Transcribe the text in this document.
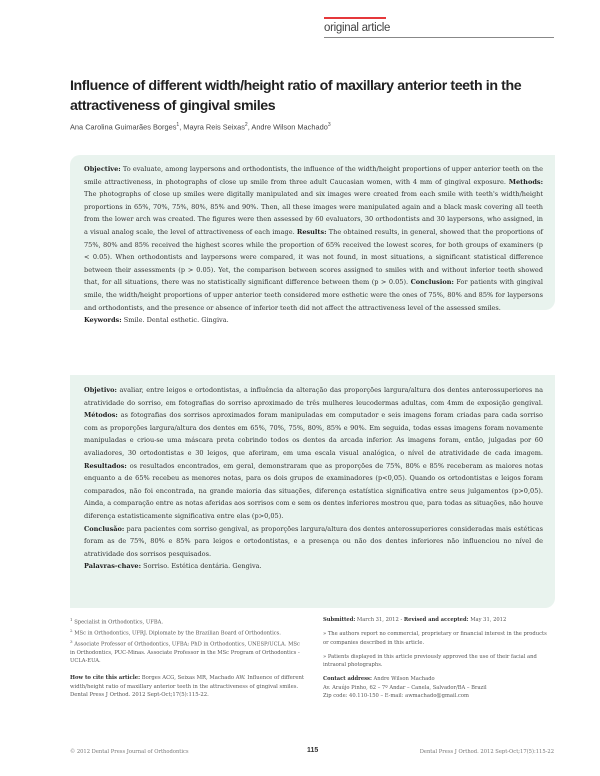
original article
Influence of different width/height ratio of maxillary anterior teeth in the attractiveness of gingival smiles
Ana Carolina Guimarães Borges$^1$, Mayra Reis Seixas$^2$, Andre Wilson Machado$^3$
Objective: To evaluate, among laypersons and orthodontists, the influence of the width/height proportions of upper anterior teeth on the smile attractiveness, in photographs of close up smile from three adult Caucasian women, with 4 mm of gingival exposure. Methods: The photographs of close up smiles were digitally manipulated and six images were created from each smile with teeth's width/height proportions in 65%, 70%, 75%, 80%, 85% and 90%. Then, all these images were manipulated again and a black mask covering all teeth from the lower arch was created. The figures were then assessed by 60 evaluators, 30 orthodontists and 30 laypersons, who assigned, in a visual analog scale, the level of attractiveness of each image. Results: The obtained results, in general, showed that the proportions of 75%, 80% and 85% received the highest scores while the proportion of 65% received the lowest scores, for both groups of examiners (p < 0.05). When orthodontists and laypersons were compared, it was not found, in most situations, a significant statistical difference between their assessments (p > 0.05). Yet, the comparison between scores assigned to smiles with and without inferior teeth showed that, for all situations, there was no statistically significant difference between them (p > 0.05). Conclusion: For patients with gingival smile, the width/height proportions of upper anterior teeth considered more esthetic were the ones of 75%, 80% and 85% for laypersons and orthodontists, and the presence or absence of inferior teeth did not affect the attractiveness level of the assessed smiles.
Keywords: Smile. Dental esthetic. Gingiva.
Objetivo: avaliar, entre leigos e ortodontistas, a influência da alteração das proporções largura/altura dos dentes anterossuperiores na atratividade do sorriso, em fotografias do sorriso aproximado de três mulheres leucodermas adultas, com 4mm de exposição gengival. Métodos: as fotografias dos sorrisos aproximados foram manipuladas em computador e seis imagens foram criadas para cada sorriso com as proporções largura/altura dos dentes em 65%, 70%, 75%, 80%, 85% e 90%. Em seguida, todas essas imagens foram novamente manipuladas e criou-se uma máscara preta cobrindo todos os dentes da arcada inferior. As imagens foram, então, julgadas por 60 avaliadores, 30 ortodontistas e 30 leigos, que aferiram, em uma escala visual analógica, o nível de atratividade de cada imagem. Resultados: os resultados encontrados, em geral, demonstraram que as proporções de 75%, 80% e 85% receberam as maiores notas enquanto a de 65% recebeu as menores notas, para os dois grupos de examinadores (p<0,05). Quando os ortodontistas e leigos foram comparados, não foi encontrada, na grande maioria das situações, diferença estatística significativa entre seus julgamentos (p>0,05). Ainda, a comparação entre as notas aferidas aos sorrisos com e sem os dentes inferiores mostrou que, para todas as situações, não houve diferença estatisticamente significativa entre elas (p>0,05).
Conclusão: para pacientes com sorriso gengival, as proporções largura/altura dos dentes anterossuperiores consideradas mais estéticas foram as de 75%, 80% e 85% para leigos e ortodontistas, e a presença ou não dos dentes inferiores não influenciou no nível de atratividade dos sorrisos pesquisados.
Palavras-chave: Sorriso. Estética dentária. Gengiva.
$^1$ Specialist in Orthodontics, UFBA.
$^2$ MSc in Orthodontics, UFRJ. Diplomate by the Brazilian Board of Orthodontics.
$^3$ Associate Professor of Orthodontics, UFBA; PhD in Orthodontics, UNESP/UCLA. MSc in Orthodontics, PUC-Minas. Associate Professor in the MSc Program of Orthodontics - UCLA-EUA.
How to cite this article: Borges ACG, Seixas MR, Machado AW. Influence of different width/height ratio of maxillary anterior teeth in the attractiveness of gingival smiles. Dental Press J Orthod. 2012 Sept-Oct;17(5):115-22.

Submitted: March 31, 2012 - Revised and accepted: May 31, 2012

» The authors report no commercial, proprietary or financial interest in the products or companies described in this article.

» Patients displayed in this article previously approved the use of their facial and intraoral photographs.

Contact address: Andre Wilson Machado
Av. Araújo Pinho, 62 – 7º Andar – Canela, Salvador/BA – Brazil
Zip code: 40.110-150 – E-mail: awmachado@gmail.com
© 2012 Dental Press Journal of Orthodontics	115	Dental Press J Orthod. 2012 Sept-Oct;17(5):115-22
